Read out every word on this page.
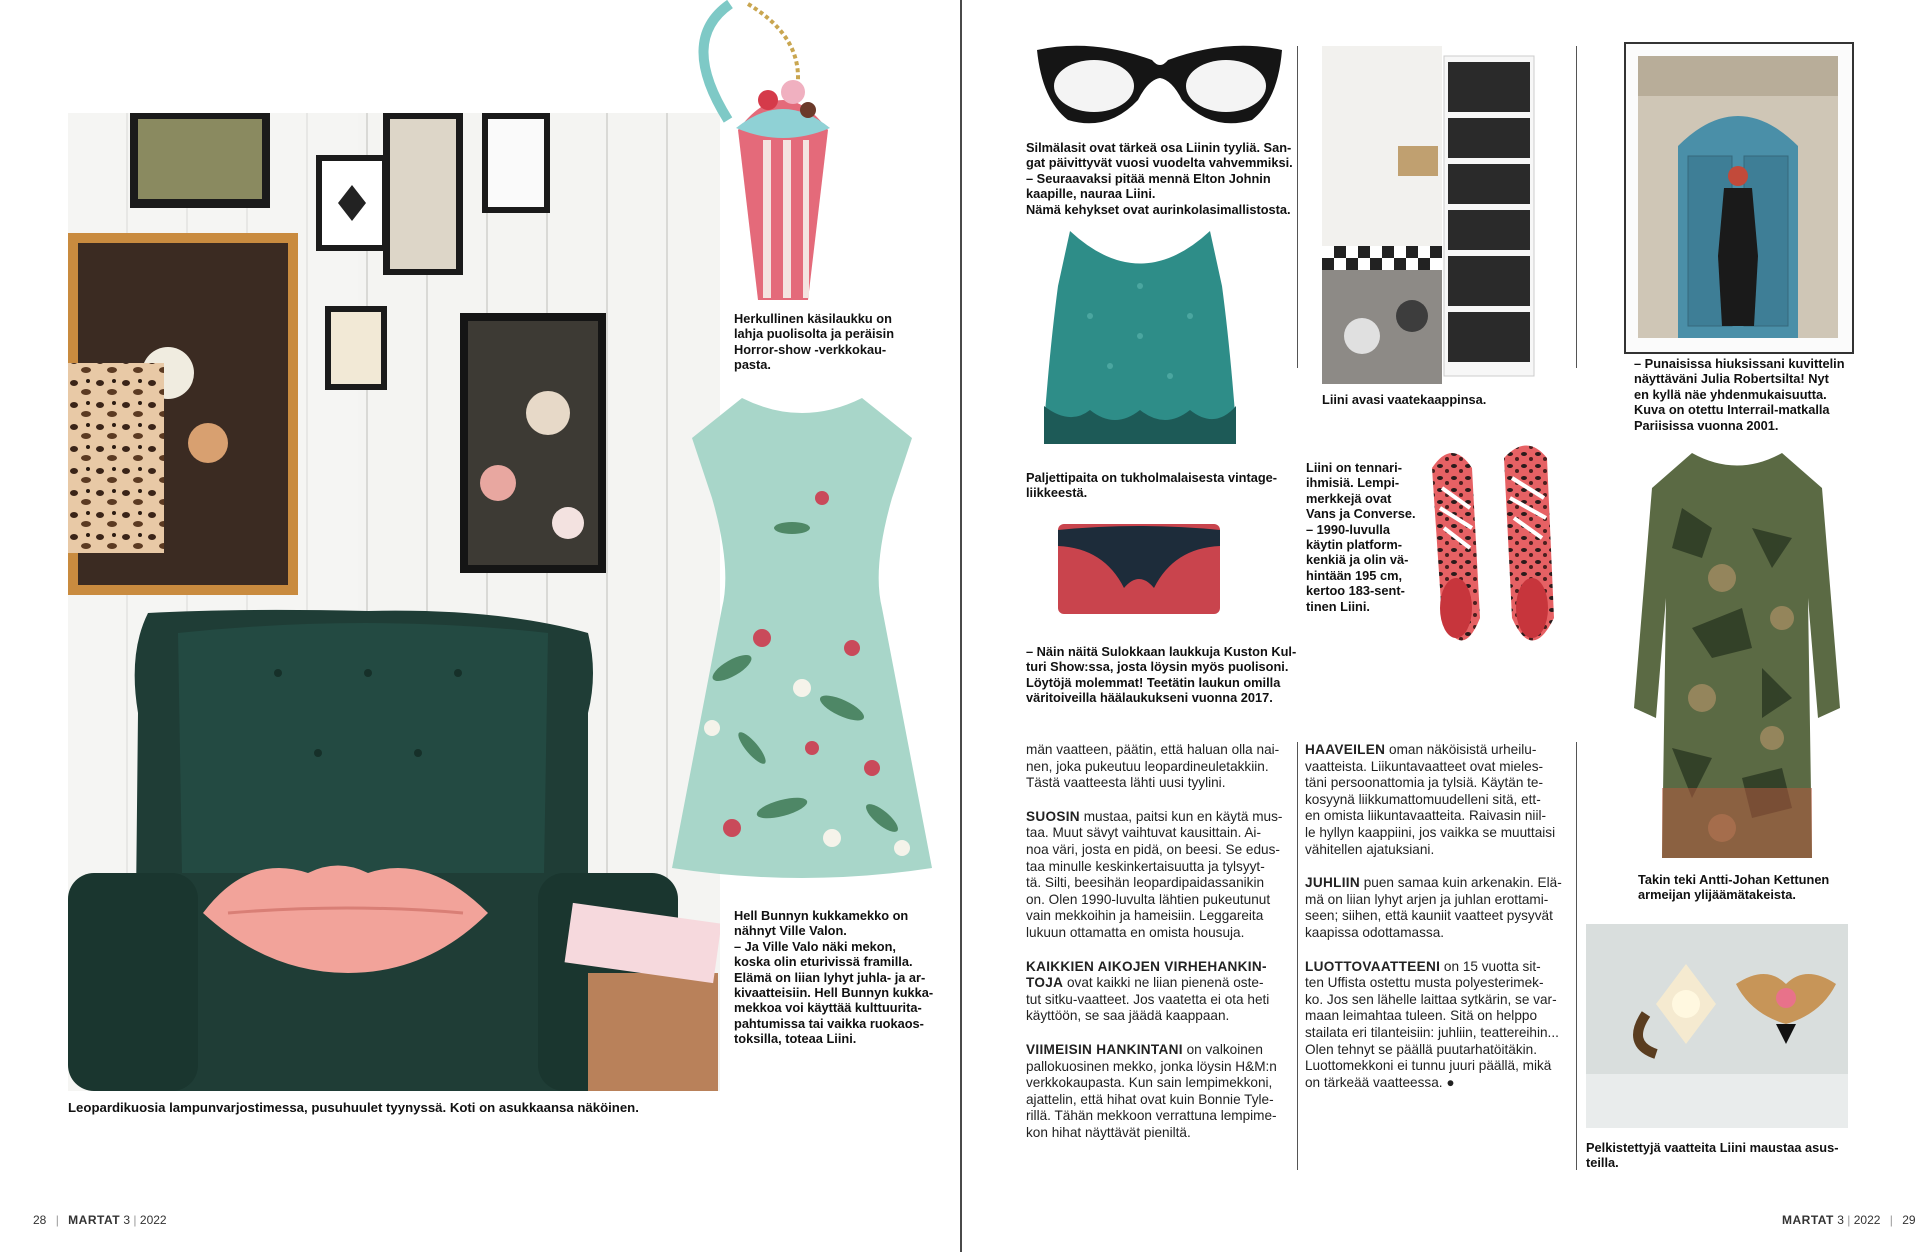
Herkullinen käsilaukku on
lahja puolisolta ja peräisin
Horror-show -verkkokau-
pasta.
Hell Bunnyn kukkamekko on
nähnyt Ville Valon.
– Ja Ville Valo näki mekon,
koska olin eturivissä framilla.
Elämä on liian lyhyt juhla- ja ar-
kivaatteisiin. Hell Bunnyn kukka-
mekkoa voi käyttää kulttuurita-
pahtumissa tai vaikka ruokaos-
toksilla, toteaa Liini.
Leopardikuosia lampunvarjostimessa, pusuhuulet tyynyssä. Koti on asukkaansa näköinen.
28 | MARTAT 3 | 2022
Silmälasit ovat tärkeä osa Liinin tyyliä. San-
gat päivittyvät vuosi vuodelta vahvemmiksi.
– Seuraavaksi pitää mennä Elton Johnin
kaapille, nauraa Liini.
Nämä kehykset ovat aurinkolasimallistosta.
Paljettipaita on tukholmalaisesta vintage-
liikkeestä.
– Näin näitä Sulokkaan laukkuja Kuston Kul-
turi Show:ssa, josta löysin myös puolisoni.
Löytöjä molemmat! Teetätin laukun omilla
väritoiveilla häälaukukseni vuonna 2017.
Liini avasi vaatekaappinsa.
Liini on tennari-
ihmisiä. Lempi-
merkkejä ovat
Vans ja Converse.
– 1990-luvulla
käytin platform-
kenkiä ja olin vä-
hintään 195 cm,
kertoo 183-sent-
tinen Liini.
– Punaisissa hiuksissani kuvittelin
näyttäväni Julia Robertsilta! Nyt
en kyllä näe yhdenmukaisuutta.
Kuva on otettu Interrail-matkalla
Pariisissa vuonna 2001.
Takin teki Antti-Johan Kettunen
armeijan ylijäämätakeista.
Pelkistettyjä vaatteita Liini maustaa asus-
teilla.

män vaatteen, päätin, että haluan olla nai-
nen, joka pukeutuu leopardineuletakkiin.
Tästä vaatteesta lähti uusi tyylini.

SUOSIN mustaa, paitsi kun en käytä mus-
taa. Muut sävyt vaihtuvat kausittain. Ai-
noa väri, josta en pidä, on beesi. Se edus-
taa minulle keskinkertaisuutta ja tylsyyt-
tä. Silti, beesihän leopardipaidassanikin
on. Olen 1990-luvulta lähtien pukeutunut
vain mekkoihin ja hameisiin. Leggareita
lukuun ottamatta en omista housuja.

KAIKKIEN AIKOJEN VIRHEHANKIN-
TOJA ovat kaikki ne liian pienenä oste-
tut sitku-vaatteet. Jos vaatetta ei ota heti
käyttöön, se saa jäädä kaappaan.

VIIMEISIN HANKINTANI on valkoinen
pallokuosinen mekko, jonka löysin H&M:n
verkkokaupasta. Kun sain lempimekkoni,
ajattelin, että hihat ovat kuin Bonnie Tyle-
rillä. Tähän mekkoon verrattuna lempime-
kon hihat näyttävät pieniltä.

HAAVEILEN oman näköisistä urheilu-
vaatteista. Liikuntavaatteet ovat mieles-
täni persoonattomia ja tylsiä. Käytän te-
kosyynä liikkumattomuudelleni sitä, ett-
en omista liikuntavaatteita. Raivasin niil-
le hyllyn kaappiini, jos vaikka se muuttaisi
vähitellen ajatuksiani.

JUHLIIN puen samaa kuin arkenakin. Elä-
mä on liian lyhyt arjen ja juhlan erottami-
seen; siihen, että kauniit vaatteet pysyvät
kaapissa odottamassa.

LUOTTOVAATTEENI on 15 vuotta sit-
ten Uffista ostettu musta polyesterimek-
ko. Jos sen lähelle laittaa sytkärin, se var-
maan leimahtaa tuleen. Sitä on helppo
stailata eri tilanteisiin: juhliin, teattereihin...
Olen tehnyt se päällä puutarhatöitäkin.
Luottomekkoni ei tunnu juuri päällä, mikä
on tärkeää vaatteessa. ●

MARTAT 3 | 2022 | 29
